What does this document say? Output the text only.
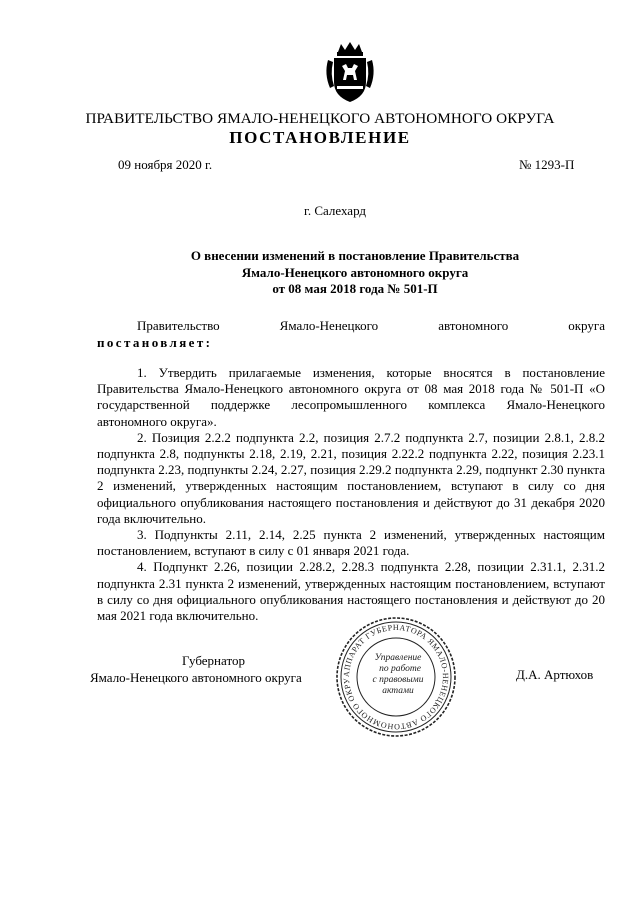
ПРАВИТЕЛЬСТВО ЯМАЛО-НЕНЕЦКОГО АВТОНОМНОГО ОКРУГА
ПОСТАНОВЛЕНИЕ
09 ноября 2020 г.	№ 1293-П
г. Салехард
О внесении изменений в постановление Правительства
Ямало-Ненецкого автономного округа
от 08 мая 2018 года № 501-П
Правительство	Ямало-Ненецкого	автономного	округа
постановляет:

1. Утвердить прилагаемые изменения, которые вносятся в постановление Правительства Ямало-Ненецкого автономного округа от 08 мая 2018 года № 501-П «О государственной поддержке лесопромышленного комплекса Ямало-Ненецкого автономного округа».

2. Позиция 2.2.2 подпункта 2.2, позиция 2.7.2 подпункта 2.7, позиции 2.8.1, 2.8.2 подпункта 2.8, подпункты 2.18, 2.19, 2.21, позиция 2.22.2 подпункта 2.22, позиция 2.23.1 подпункта 2.23, подпункты 2.24, 2.27, позиция 2.29.2 подпункта 2.29, подпункт 2.30 пункта 2 изменений, утвержденных настоящим постановлением, вступают в силу со дня официального опубликования настоящего постановления и действуют до 31 декабря 2020 года включительно.

3. Подпункты 2.11, 2.14, 2.25 пункта 2 изменений, утвержденных настоящим постановлением, вступают в силу с 01 января 2021 года.

4. Подпункт 2.26, позиции 2.28.2, 2.28.3 подпункта 2.28, позиции 2.31.1, 2.31.2 подпункта 2.31 пункта 2 изменений, утвержденных настоящим постановлением, вступают в силу со дня официального опубликования настоящего постановления и действуют до 20 мая 2021 года включительно.

Губернатор
Ямало-Ненецкого автономного округа	Д.А. Артюхов
АППАРАТ ГУБЕРНАТОРА ЯМАЛО-НЕНЕЦКОГО АВТОНОМНОГО ОКРУ
Управление
по работе
с правовыми
актами
